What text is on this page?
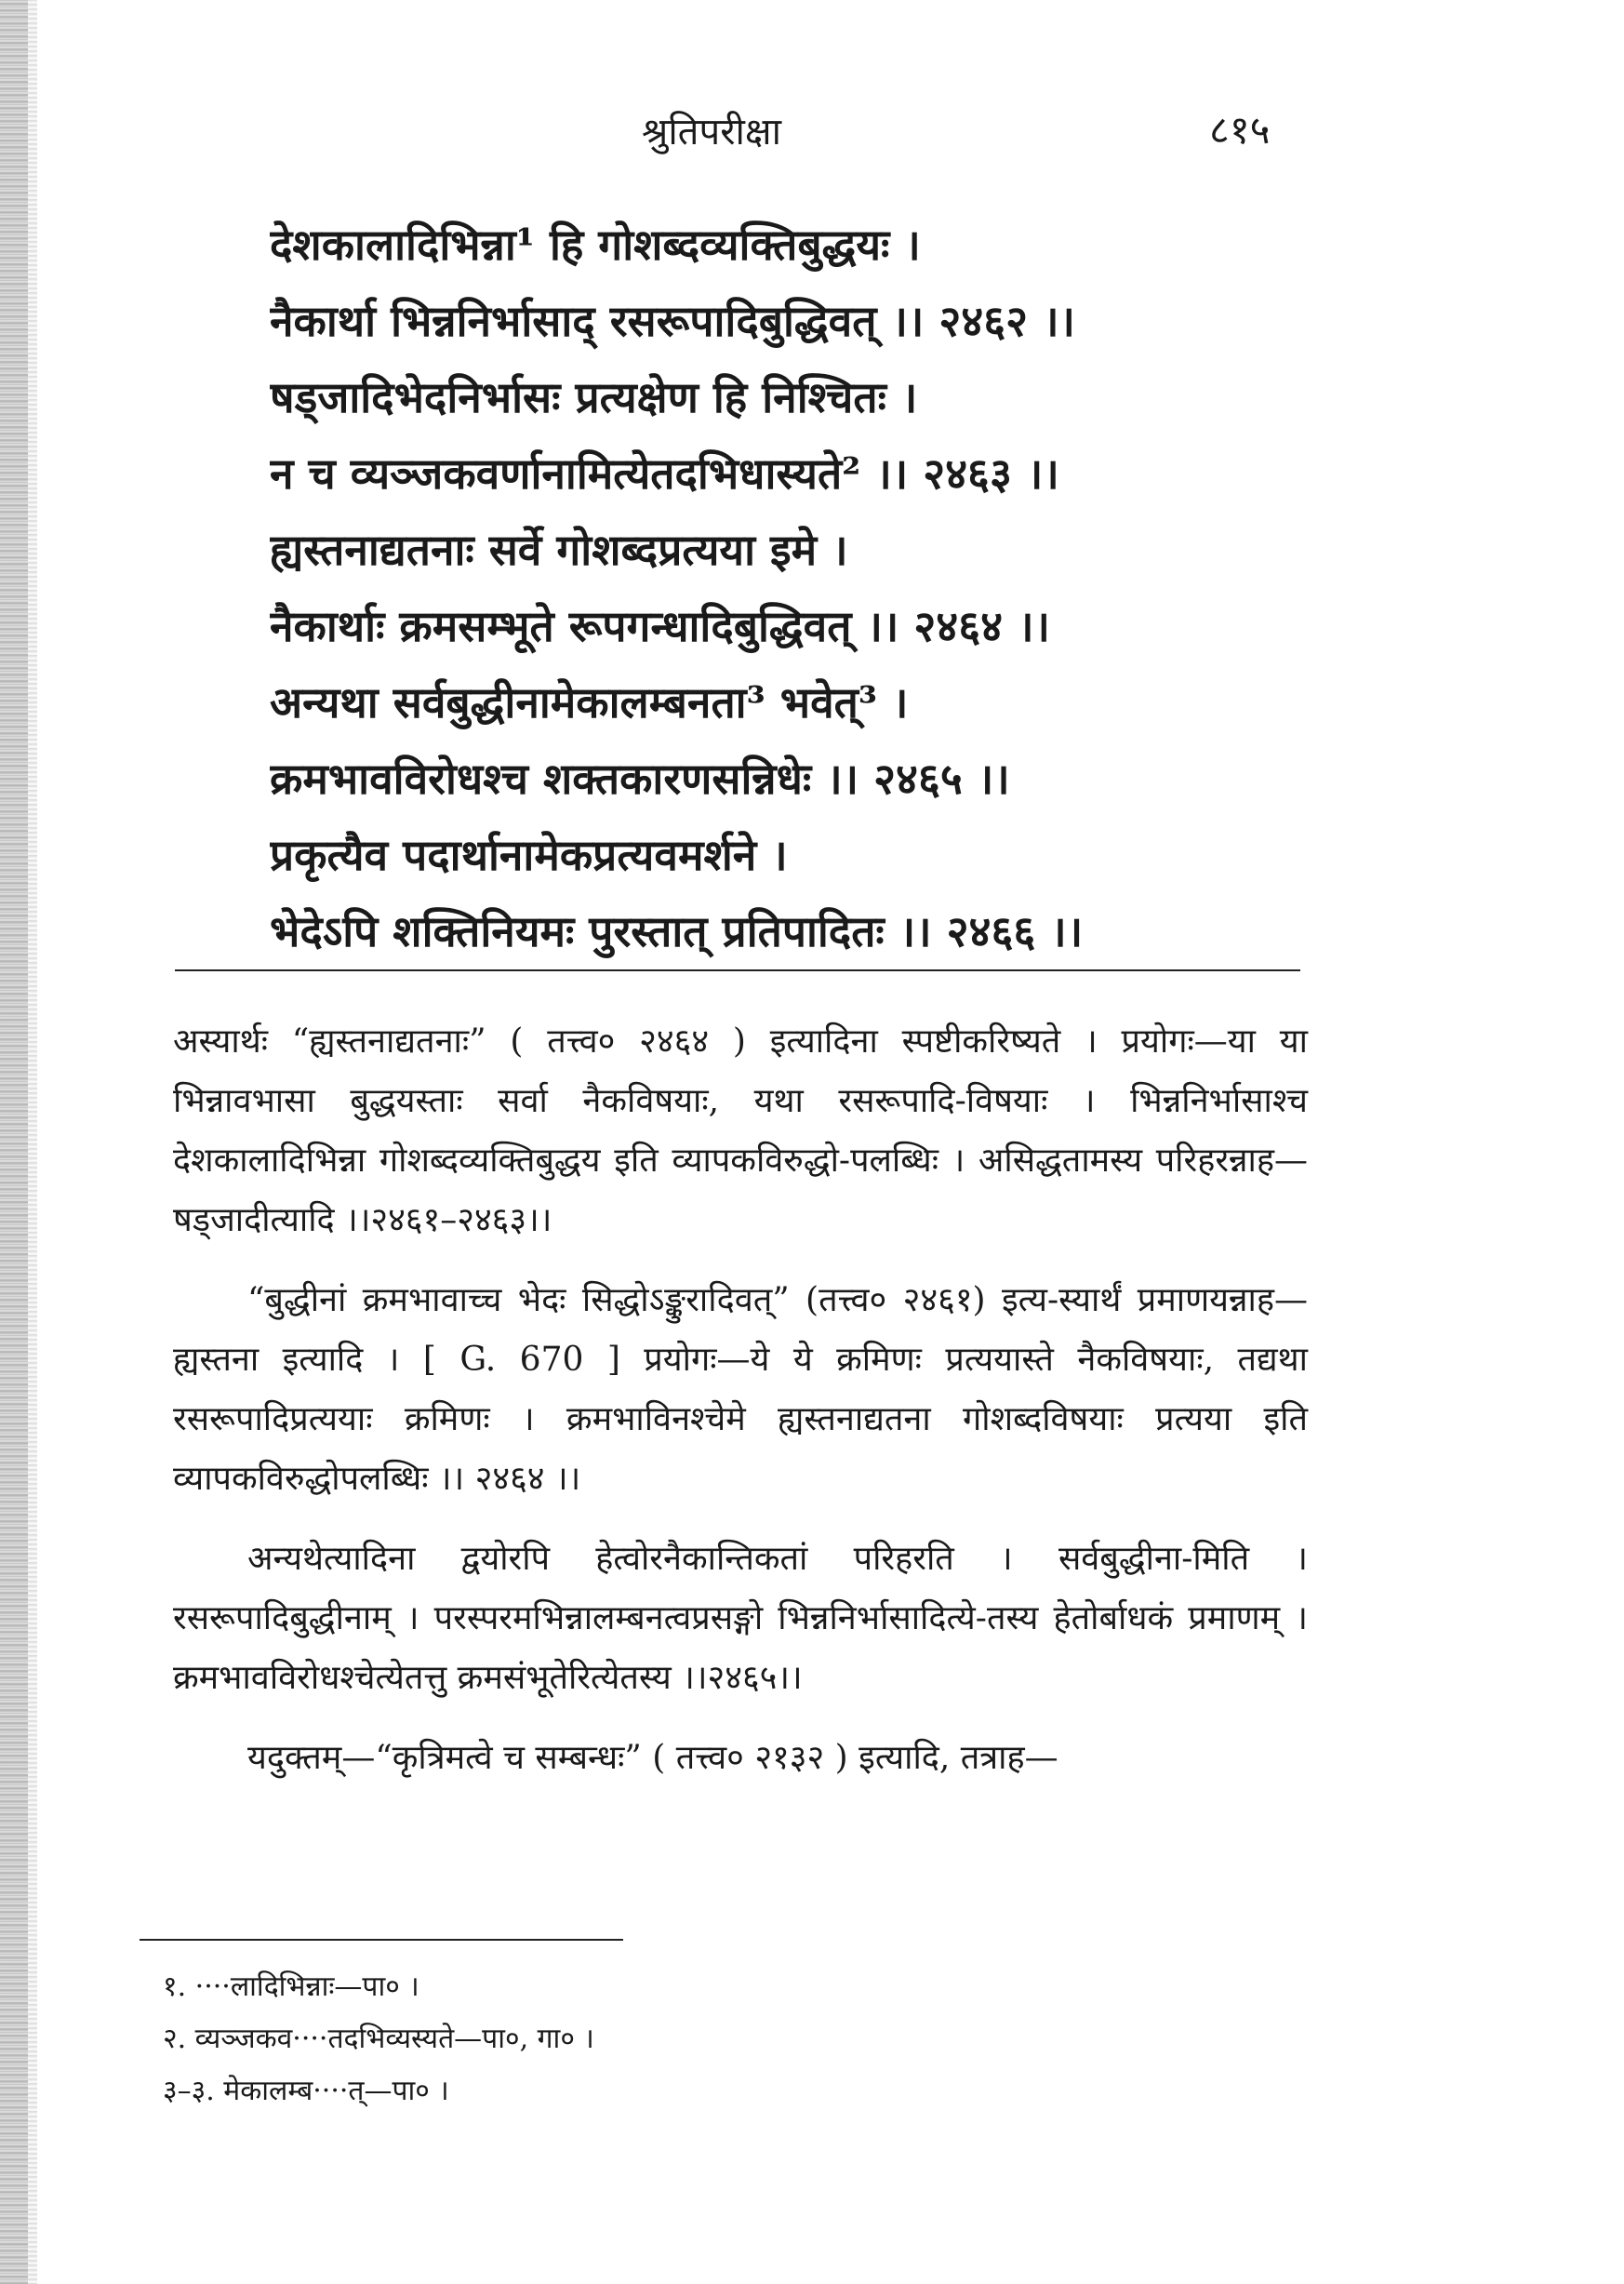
श्रुतिपरीक्षा	८१५
देशकालादिभिन्ना¹ हि गोशब्दव्यक्तिबुद्धयः ।
नैकार्था भिन्ननिर्भासाद् रसरूपादिबुद्धिवत् ।। २४६२ ।।
षड्जादिभेदनिर्भासः प्रत्यक्षेण हि निश्चितः ।
न च व्यञ्जकवर्णानामित्येतदभिधास्यते² ।। २४६३ ।।
ह्यस्तनाद्यतनाः सर्वे गोशब्दप्रत्यया इमे ।
नैकार्थाः क्रमसम्भूते रूपगन्धादिबुद्धिवत् ।। २४६४ ।।
अन्यथा सर्वबुद्धीनामेकालम्बनता³ भवेत्³ ।
क्रमभावविरोधश्च शक्तकारणसन्निधेः ।। २४६५ ।।
प्रकृत्यैव पदार्थानामेकप्रत्यवमर्शने ।
भेदेऽपि शक्तिनियमः पुरस्तात् प्रतिपादितः ।। २४६६ ।।

अस्यार्थः “ह्यस्तनाद्यतनाः” ( तत्त्व० २४६४ ) इत्यादिना स्पष्टीकरिष्यते । प्रयोगः—या या भिन्नावभासा बुद्धयस्ताः सर्वा नैकविषयाः, यथा रसरूपादि-विषयाः । भिन्ननिर्भासाश्च देशकालादिभिन्ना गोशब्दव्यक्तिबुद्धय इति व्यापकविरुद्धो-पलब्धिः । असिद्धतामस्य परिहरन्नाह—षड्जादीत्यादि ।।२४६१–२४६३।।

“बुद्धीनां क्रमभावाच्च भेदः सिद्धोऽङ्कुरादिवत्” (तत्त्व० २४६१) इत्य-स्यार्थं प्रमाणयन्नाह—ह्यस्तना इत्यादि । [ G. 670 ] प्रयोगः—ये ये क्रमिणः प्रत्ययास्ते नैकविषयाः, तद्यथा रसरूपादिप्रत्ययाः क्रमिणः । क्रमभाविनश्चेमे ह्यस्तनाद्यतना गोशब्दविषयाः प्रत्यया इति व्यापकविरुद्धोपलब्धिः ।। २४६४ ।।

अन्यथेत्यादिना द्वयोरपि हेत्वोरनैकान्तिकतां परिहरति । सर्वबुद्धीना-मिति । रसरूपादिबुद्धीनाम् । परस्परमभिन्नालम्बनत्वप्रसङ्गो भिन्ननिर्भासादित्ये-तस्य हेतोर्बाधकं प्रमाणम् । क्रमभावविरोधश्चेत्येतत्तु क्रमसंभूतेरित्येतस्य ।।२४६५।।

यदुक्तम्—“कृत्रिमत्वे च सम्बन्धः” ( तत्त्व० २१३२ ) इत्यादि, तत्राह—

१. ····लादिभिन्नाः—पा० ।
२. व्यञ्जकव····तदभिव्यस्यते—पा०, गा० ।
३–३. मेकालम्ब····त्—पा० ।
